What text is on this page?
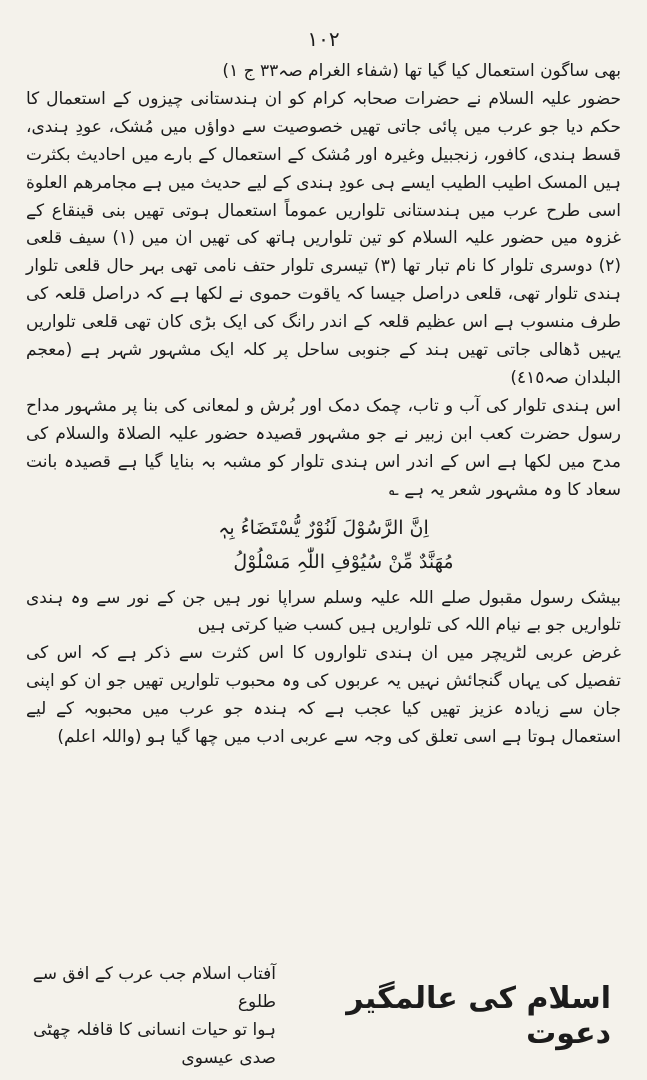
۱۰۲

بھی ساگون استعمال کیا گیا تھا (شفاء الغرام صہ٣٣ ج ۱)

حضور علیہ السلام نے حضرات صحابہ کرام کو ان ہندستانی چیزوں کے استعمال کا حکم دیا جو عرب میں پائی جاتی تھیں خصوصیت سے دواؤں میں مُشک، عودِ ہندی، قسط ہندی، کافور، زنجبیل وغیرہ اور مُشک کے استعمال کے بارے میں احادیث بکثرت ہیں المسک اطیب الطیب ایسے ہی عودِ ہندی کے لیے حدیث میں ہے مجامرهم العلوة اسی طرح عرب میں ہندستانی تلواریں عموماً استعمال ہوتی تھیں بنی قینقاع کے غزوہ میں حضور علیہ السلام کو تین تلواریں ہاتھ کی تھیں ان میں (۱) سیف قلعی (۲) دوسری تلوار کا نام تبار تھا (۳) تیسری تلوار حتف نامی تھی بہر حال قلعی تلوار ہندی تلوار تھی، قلعی دراصل جیسا کہ یاقوت حموی نے لکھا ہے کہ دراصل قلعہ کی طرف منسوب ہے اس عظیم قلعہ کے اندر رانگ کی ایک بڑی کان تھی قلعی تلواریں یہیں ڈھالی جاتی تھیں ہند کے جنوبی ساحل پر کلہ ایک مشہور شہر ہے (معجم البلدان صہ٤١٥)

اس ہندی تلوار کی آب و تاب، چمک دمک اور بُرش و لمعانی کی بنا پر مشہور مداح رسول حضرت کعب ابن زبیر نے جو مشہور قصیدہ حضور علیہ الصلاۃ والسلام کی مدح میں لکھا ہے اس کے اندر اس ہندی تلوار کو مشبہ بہ بنایا گیا ہے قصیدہ بانت سعاد کا وہ مشہور شعر یہ ہے ؎

اِنَّ الرَّسُوْلَ لَنُوْرٌ یُّسْتَضَاءُ بِہٖ
مُھَنَّدٌ مِّنْ سُیُوْفِ اللّٰہِ مَسْلُوْلُ

بیشک رسول مقبول صلے اللہ علیہ وسلم سراپا نور ہیں جن کے نور سے وہ ہندی تلواریں جو بے نیام اللہ کی تلواریں ہیں کسب ضیا کرتی ہیں

غرض عربی لٹریچر میں ان ہندی تلواروں کا اس کثرت سے ذکر ہے کہ اس کی تفصیل کی یہاں گنجائش نہیں یہ عربوں کی وہ محبوب تلواریں تھیں جو ان کو اپنی جان سے زیادہ عزیز تھیں کیا عجب ہے کہ ہندہ جو عرب میں محبوبہ کے لیے استعمال ہوتا ہے اسی تعلق کی وجہ سے عربی ادب میں چھا گیا ہو (واللہ اعلم)

اسلام کی عالمگیر دعوت

آفتاب اسلام جب عرب کے افق سے طلوع

ہوا تو حیات انسانی کا قافلہ چھٹی صدی عیسوی
